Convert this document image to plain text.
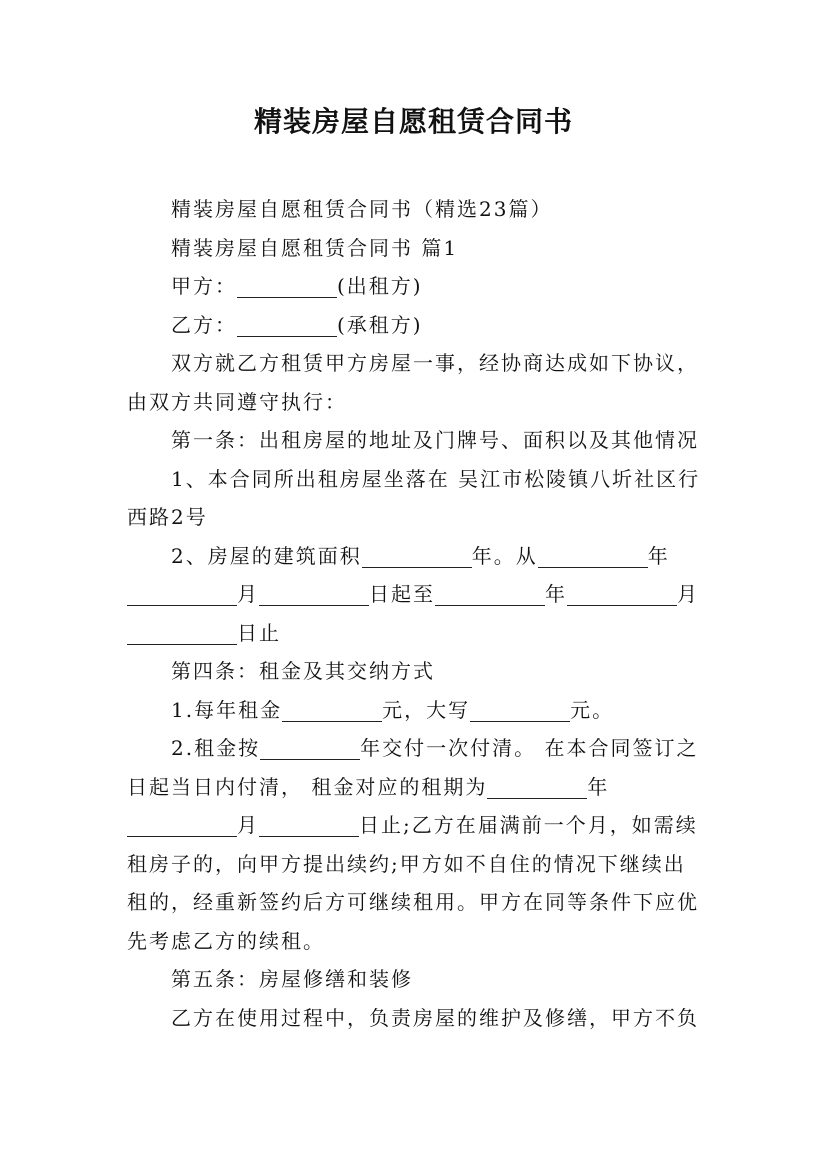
精装房屋自愿租赁合同书

精装房屋自愿租赁合同书（精选23篇）

精装房屋自愿租赁合同书 篇1

甲方：	(出租方)

乙方：	(承租方)

双方就乙方租赁甲方房屋一事，经协商达成如下协议，由双方共同遵守执行：

第一条：出租房屋的地址及门牌号、面积以及其他情况

1、本合同所出租房屋坐落在 吴江市松陵镇八圻社区行西路2号

2、房屋的建筑面积	年。从	年月	日起至	年	月日止

第四条：租金及其交纳方式

1.每年租金	元，大写	元。

2.租金按	年交付一次付清。 在本合同签订之日起当日内付清， 租金对应的租期为	年月	日止;乙方在届满前一个月，如需续租房子的，向甲方提出续约;甲方如不自住的情况下继续出租的，经重新签约后方可继续租用。甲方在同等条件下应优先考虑乙方的续租。

第五条：房屋修缮和装修

乙方在使用过程中，负责房屋的维护及修缮，甲方不负
